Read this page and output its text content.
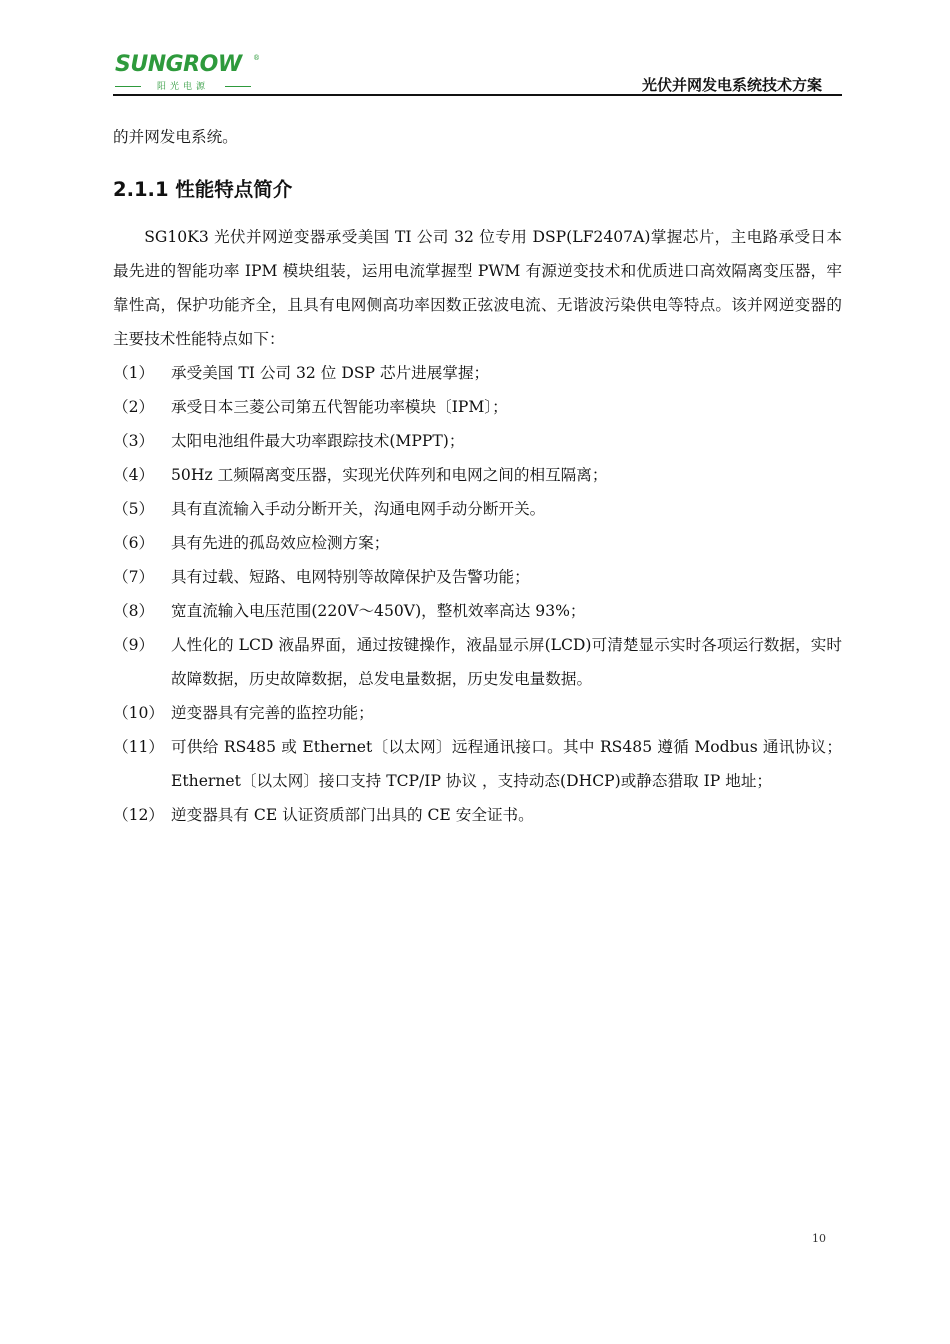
SUNGROW ®
阳光电源	光伏并网发电系统技术方案

的并网发电系统。

2.1.1 性能特点简介

SG10K3 光伏并网逆变器承受美国 TI 公司 32 位专用 DSP(LF2407A)掌握芯片，主电路承受日本最先进的智能功率 IPM 模块组装，运用电流掌握型 PWM 有源逆变技术和优质进口高效隔离变压器，牢靠性高，保护功能齐全，且具有电网侧高功率因数正弦波电流、无谐波污染供电等特点。该并网逆变器的主要技术性能特点如下：

（1）	承受美国 TI 公司 32 位 DSP 芯片进展掌握；
（2）	承受日本三菱公司第五代智能功率模块〔IPM〕；
（3）	太阳电池组件最大功率跟踪技术(MPPT)；
（4）	50Hz 工频隔离变压器，实现光伏阵列和电网之间的相互隔离；
（5）	具有直流输入手动分断开关，沟通电网手动分断开关。
（6）	具有先进的孤岛效应检测方案；
（7）	具有过载、短路、电网特别等故障保护及告警功能；
（8）	宽直流输入电压范围(220V～450V)，整机效率高达 93%；
（9）	人性化的 LCD 液晶界面，通过按键操作，液晶显示屏(LCD)可清楚显示实时各项运行数据，实时故障数据，历史故障数据，总发电量数据，历史发电量数据。
（10） 逆变器具有完善的监控功能；
（11） 可供给 RS485 或 Ethernet〔以太网〕远程通讯接口。其中 RS485 遵循 Modbus 通讯协议；Ethernet〔以太网〕接口支持 TCP/IP 协议 ，支持动态(DHCP)或静态猎取 IP 地址；
（12） 逆变器具有 CE 认证资质部门出具的 CE 安全证书。
10
